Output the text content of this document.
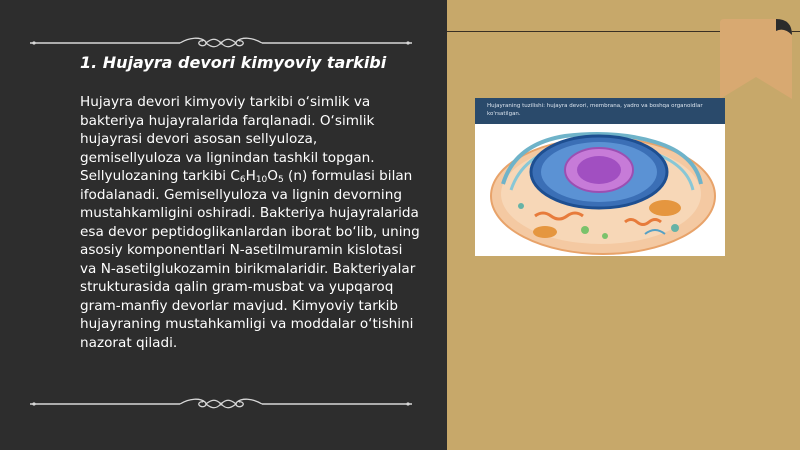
1. Hujayra devori kimyoviy tarkibi
Hujayra devori kimyoviy tarkibi o‘simlik va bakteriya hujayralarida farqlanadi. O‘simlik hujayrasi devori asosan sellyuloza, gemisellyuloza va lignindan tashkil topgan. Sellyulozaning tarkibi $C_6H_{10}O_5$ (n) formulasi bilan ifodalanadi. Gemisellyuloza va lignin devorning mustahkamligini oshiradi. Bakteriya hujayralarida esa devor peptidoglikanlardan iborat bo‘lib, uning asosiy komponentlari N-asetilmuramin kislotasi va N-asetilglukozamin birikmalaridir. Bakteriyalar strukturasida qalin gram-musbat va yupqaroq gram-manfiy devorlar mavjud. Kimyoviy tarkib hujayraning mustahkamligi va moddalar o‘tishini nazorat qiladi.
Hujayraning tuzilishi: hujayra devori, membrana, yadro va boshqa organoidlar ko'rsatilgan.
